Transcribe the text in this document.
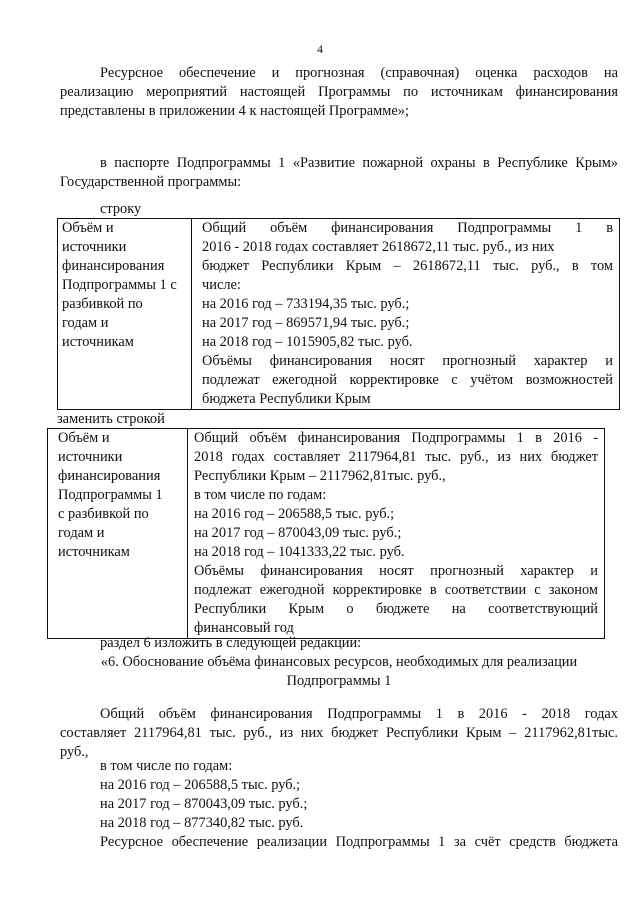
4
Ресурсное обеспечение и прогнозная (справочная) оценка расходов на
реализацию мероприятий настоящей Программы по источникам финансирования
представлены в приложении 4 к настоящей Программе»;
в паспорте Подпрограммы 1 «Развитие пожарной охраны в Республике Крым»
Государственной программы:
строку
Объём и
источники
финансирования
Подпрограммы 1 с
разбивкой по
годам и
источникам

Общий объём финансирования Подпрограммы 1 в
2016 - 2018 годах составляет 2618672,11 тыс. руб., из них
бюджет Республики Крым – 2618672,11 тыс. руб., в том
числе:
на 2016 год – 733194,35 тыс. руб.;
на 2017 год – 869571,94 тыс. руб.;
на 2018 год – 1015905,82 тыс. руб.
Объёмы финансирования носят прогнозный характер и
подлежат ежегодной корректировке с учётом возможностей
бюджета Республики Крым
заменить строкой
Объём и
источники
финансирования
Подпрограммы 1
с разбивкой по
годам и
источникам

Общий объём финансирования Подпрограммы 1 в 2016 -
2018 годах составляет 2117964,81 тыс. руб., из них бюджет
Республики Крым – 2117962,81тыс. руб.,
в том числе по годам:
на 2016 год – 206588,5 тыс. руб.;
на 2017 год – 870043,09 тыс. руб.;
на 2018 год – 1041333,22 тыс. руб.
Объёмы финансирования носят прогнозный характер и
подлежат ежегодной корректировке в соответствии с законом
Республики Крым о бюджете на соответствующий
финансовый год
раздел 6 изложить в следующей редакции:
«6. Обоснование объёма финансовых ресурсов, необходимых для реализации
Подпрограммы 1
Общий объём финансирования Подпрограммы 1 в 2016 - 2018 годах
составляет 2117964,81 тыс. руб., из них бюджет Республики Крым – 2117962,81тыс.
руб.,
в том числе по годам:
на 2016 год – 206588,5 тыс. руб.;
на 2017 год – 870043,09 тыс. руб.;
на 2018 год – 877340,82 тыс. руб.
Ресурсное обеспечение реализации Подпрограммы 1 за счёт средств бюджета
